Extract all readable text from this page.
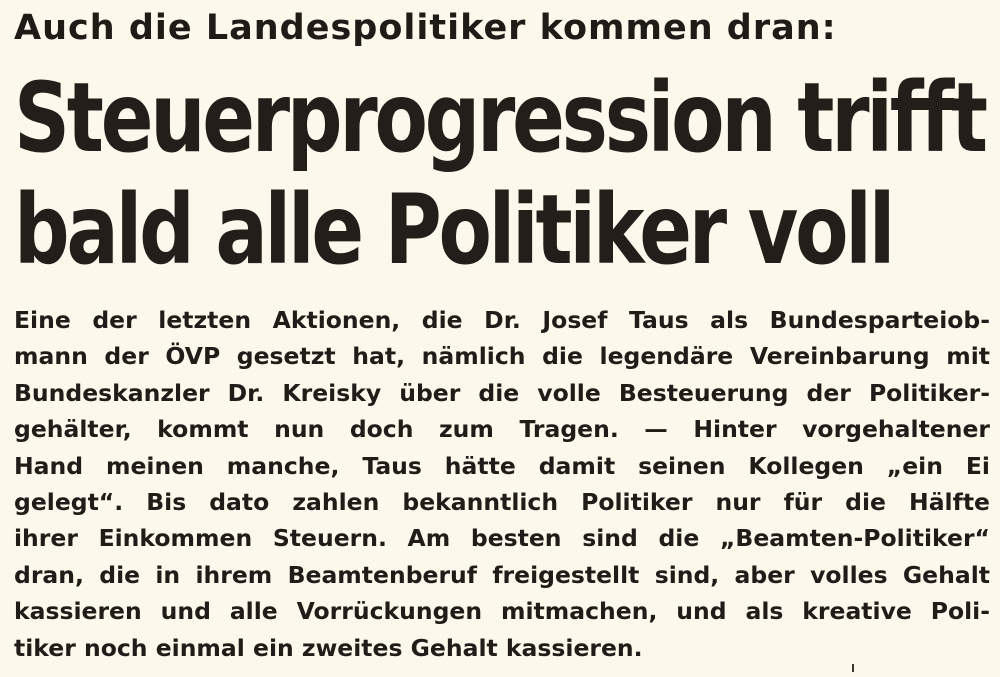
Auch die Landespolitiker kommen dran:
Steuerprogression trifft
bald alle Politiker voll
Eine der letzten Aktionen, die Dr. Josef Taus als Bundesparteiob-
mann der ÖVP gesetzt hat, nämlich die legendäre Vereinbarung mit
Bundeskanzler Dr. Kreisky über die volle Besteuerung der Politiker-
gehälter, kommt nun doch zum Tragen. — Hinter vorgehaltener
Hand meinen manche, Taus hätte damit seinen Kollegen „ein Ei
gelegt“. Bis dato zahlen bekanntlich Politiker nur für die Hälfte
ihrer Einkommen Steuern. Am besten sind die „Beamten-Politiker“
dran, die in ihrem Beamtenberuf freigestellt sind, aber volles Gehalt
kassieren und alle Vorrückungen mitmachen, und als kreative Poli-
tiker noch einmal ein zweites Gehalt kassieren.
